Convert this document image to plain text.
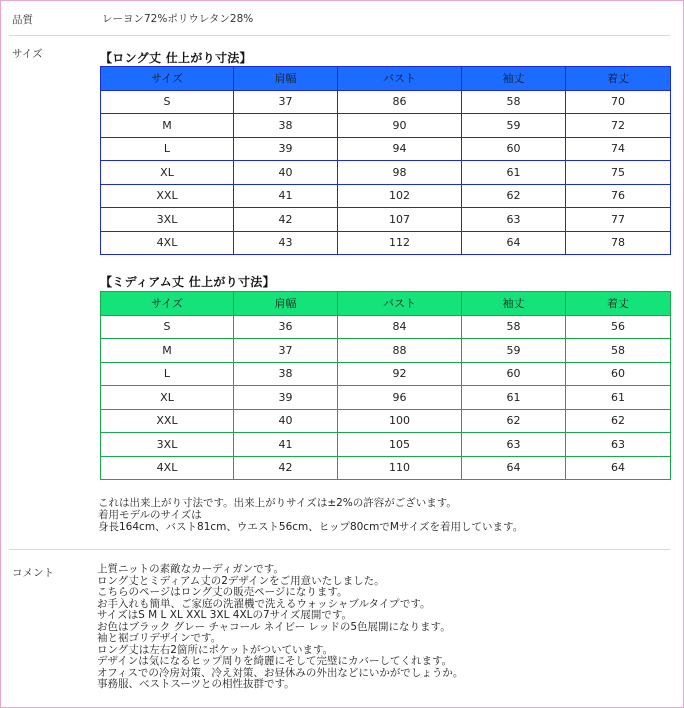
品質	レーヨン72%ポリウレタン28%
サイズ	【ロング丈 仕上がり寸法】
サイズ	肩幅	バスト	袖丈	着丈
S	37	86	58	70
M	38	90	59	72
L	39	94	60	74
XL	40	98	61	75
XXL	41	102	62	76
3XL	42	107	63	77
4XL	43	112	64	78
【ミディアム丈 仕上がり寸法】
サイズ	肩幅	バスト	袖丈	着丈
S	36	84	58	56
M	37	88	59	58
L	38	92	60	60
XL	39	96	61	61
XXL	40	100	62	62
3XL	41	105	63	63
4XL	42	110	64	64
これは出来上がり寸法です。出来上がりサイズは±2%の許容がございます。
着用モデルのサイズは
身長164cm、バスト81cm、ウエスト56cm、ヒップ80cmでMサイズを着用しています。
コメント	上質ニットの素敵なカーディガンです。
ロング丈とミディアム丈の2デザインをご用意いたしました。
こちらのページはロング丈の販売ページになります。
お手入れも簡単、ご家庭の洗濯機で洗えるウォッシャブルタイプです。
サイズはS M L XL XXL 3XL 4XLの7サイズ展開です。
お色はブラック グレー チャコール ネイビー レッドの5色展開になります。
袖と裾ゴリデザインです。
ロング丈は左右2箇所にポケットがついています。
デザインは気になるヒップ周りを綺麗にそして完璧にカバーしてくれます。
オフィスでの冷房対策、冷え対策、お昼休みの外出などにいかがでしょうか。
事務服、ベストスーツとの相性抜群です。
